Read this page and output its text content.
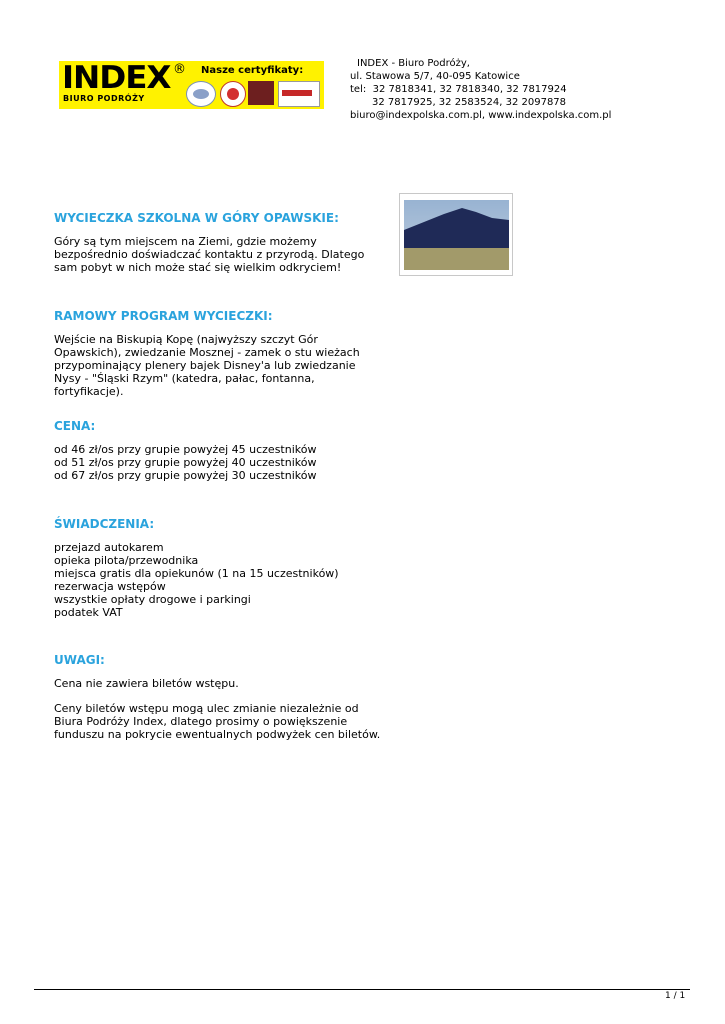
INDEX ®
BIURO PODRÓŻY
Nasze certyfikaty:
INDEX - Biuro Podróży,
ul. Stawowa 5/7, 40-095 Katowice
tel:  32 7818341, 32 7818340, 32 7817924
32 7817925, 32 2583524, 32 2097878
biuro@indexpolska.com.pl, www.indexpolska.com.pl
WYCIECZKA SZKOLNA W GÓRY OPAWSKIE:

Góry są tym miejscem na Ziemi, gdzie możemy bezpośrednio doświadczać kontaktu z przyrodą. Dlatego sam pobyt w nich może stać się wielkim odkryciem!

RAMOWY PROGRAM WYCIECZKI:

Wejście na Biskupią Kopę (najwyższy szczyt Gór Opawskich), zwiedzanie Mosznej - zamek o stu wieżach przypominający plenery bajek Disney'a lub zwiedzanie Nysy - "Śląski Rzym" (katedra, pałac, fontanna, fortyfikacje).

CENA:

od 46 zł/os przy grupie powyżej 45 uczestników

od 51 zł/os przy grupie powyżej 40 uczestników

od 67 zł/os przy grupie powyżej 30 uczestników

ŚWIADCZENIA:

przejazd autokarem

opieka pilota/przewodnika

miejsca gratis dla opiekunów (1 na 15 uczestników)

rezerwacja wstępów

wszystkie opłaty drogowe i parkingi

podatek VAT

UWAGI:

Cena nie zawiera biletów wstępu.

Ceny biletów wstępu mogą ulec zmianie niezależnie od Biura Podróży Index, dlatego prosimy o powiększenie funduszu na pokrycie ewentualnych podwyżek cen biletów.

1 / 1
